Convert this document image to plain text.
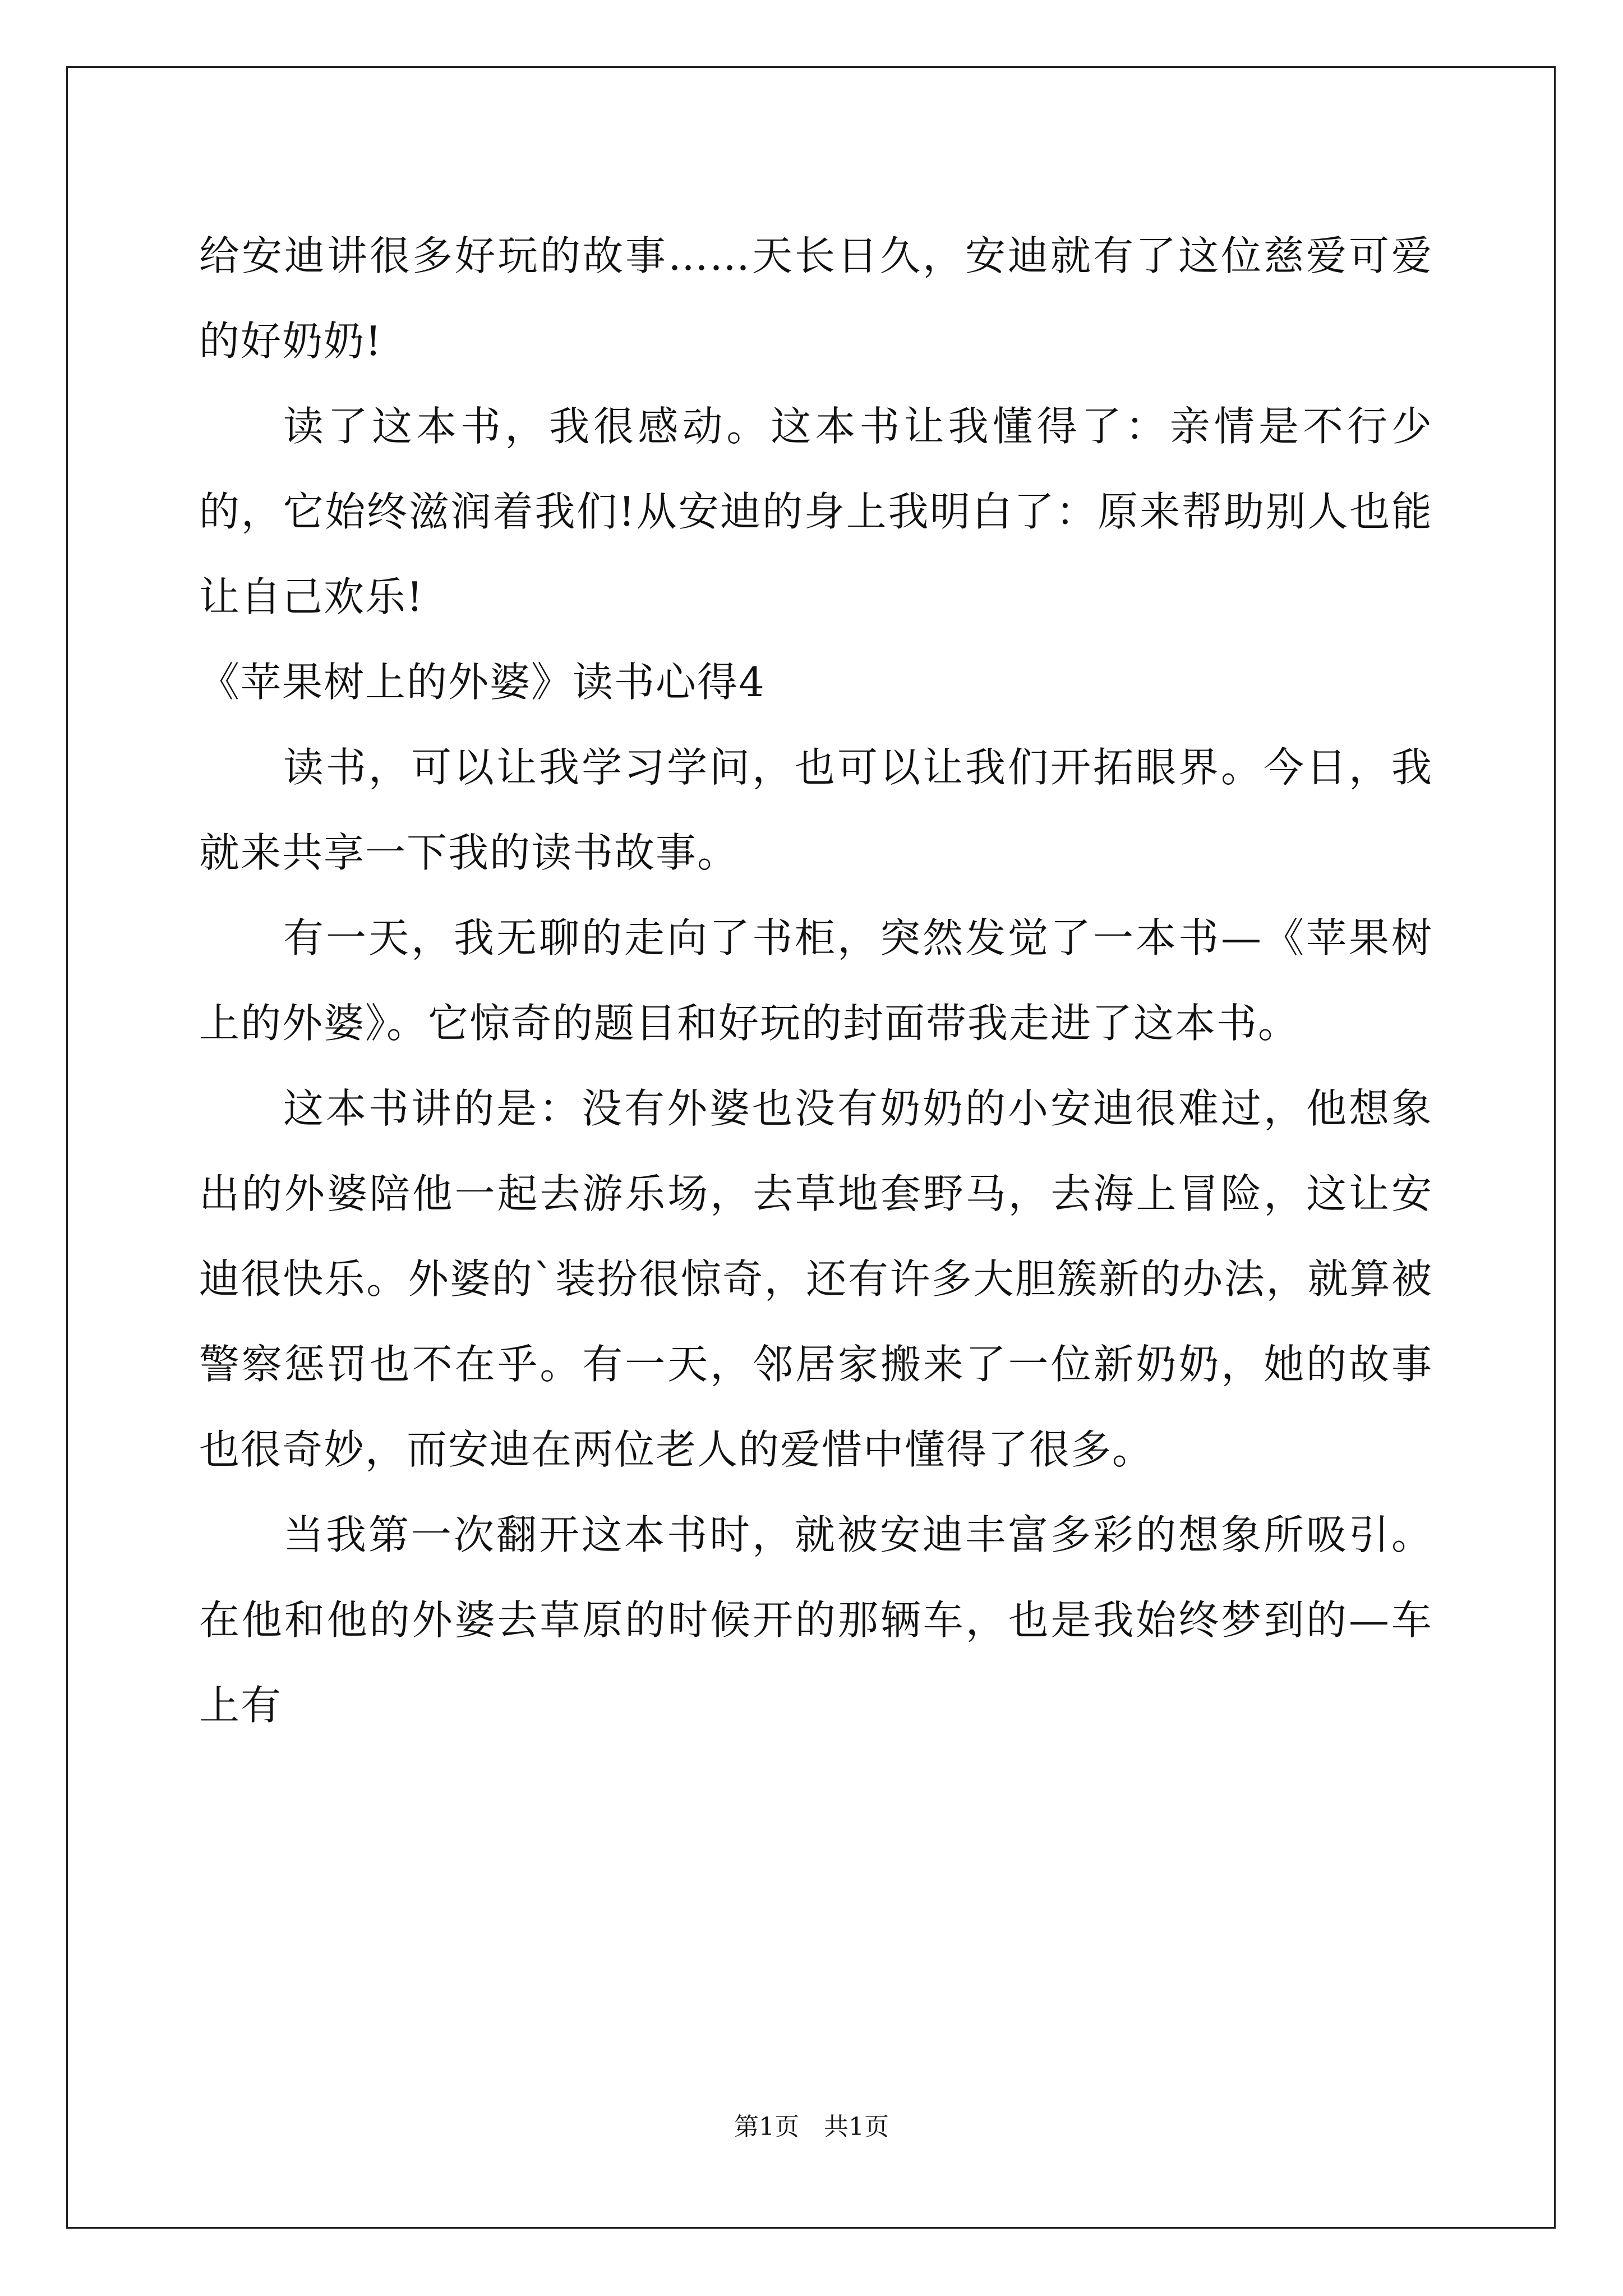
给安迪讲很多好玩的故事……天长日久，安迪就有了这位慈爱可爱的好奶奶!

读了这本书，我很感动。这本书让我懂得了：亲情是不行少的，它始终滋润着我们!从安迪的身上我明白了：原来帮助别人也能让自己欢乐!

《苹果树上的外婆》读书心得4

读书，可以让我学习学问，也可以让我们开拓眼界。今日，我就来共享一下我的读书故事。

有一天，我无聊的走向了书柜，突然发觉了一本书—《苹果树上的外婆》。它惊奇的题目和好玩的封面带我走进了这本书。

这本书讲的是：没有外婆也没有奶奶的小安迪很难过，他想象出的外婆陪他一起去游乐场，去草地套野马，去海上冒险，这让安迪很快乐。外婆的`装扮很惊奇，还有许多大胆簇新的办法，就算被警察惩罚也不在乎。有一天，邻居家搬来了一位新奶奶，她的故事也很奇妙，而安迪在两位老人的爱惜中懂得了很多。

当我第一次翻开这本书时，就被安迪丰富多彩的想象所吸引。在他和他的外婆去草原的时候开的那辆车，也是我始终梦到的—车上有

第1页　共1页
